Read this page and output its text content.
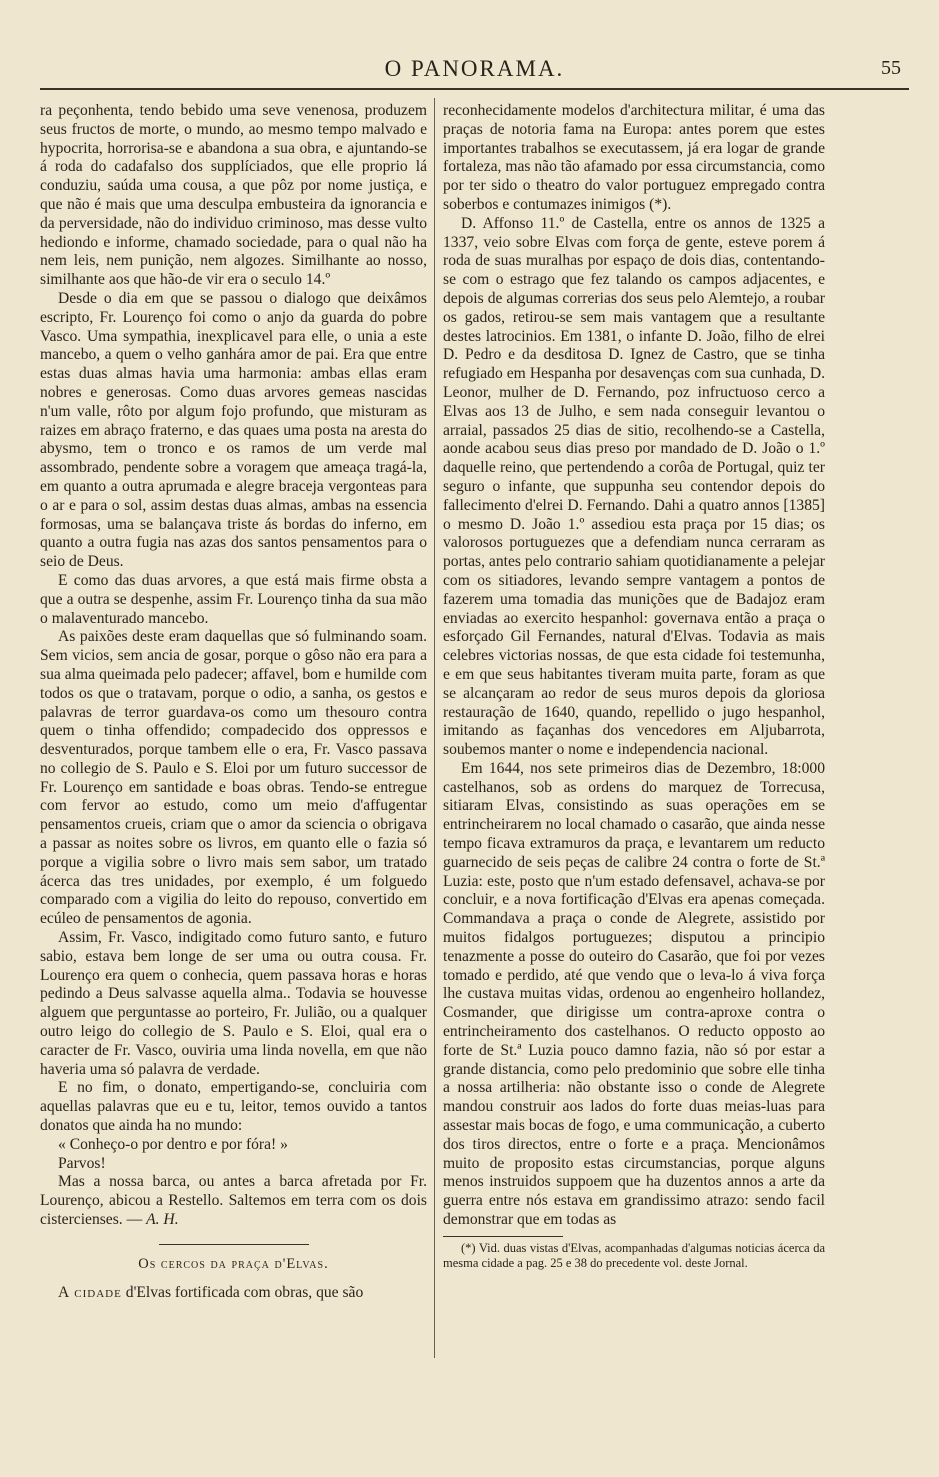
O PANORAMA.	55

ra peçonhenta, tendo bebido uma seve venenosa, produzem seus fructos de morte, o mundo, ao mesmo tempo malvado e hypocrita, horrorisa-se e abandona a sua obra, e ajuntando-se á roda do cadafalso dos supplíciados, que elle proprio lá conduziu, saúda uma cousa, a que pôz por nome justiça, e que não é mais que uma desculpa embusteira da ignorancia e da perversidade, não do individuo criminoso, mas desse vulto hediondo e informe, chamado sociedade, para o qual não ha nem leis, nem punição, nem algozes. Similhante ao nosso, similhante aos que hão-de vir era o seculo 14.º

Desde o dia em que se passou o dialogo que deixâmos escripto, Fr. Lourenço foi como o anjo da guarda do pobre Vasco. Uma sympathia, inexplicavel para elle, o unia a este mancebo, a quem o velho ganhára amor de pai. Era que entre estas duas almas havia uma harmonia: ambas ellas eram nobres e generosas. Como duas arvores gemeas nascidas n'um valle, rôto por algum fojo profundo, que misturam as raizes em abraço fraterno, e das quaes uma posta na aresta do abysmo, tem o tronco e os ramos de um verde mal assombrado, pendente sobre a voragem que ameaça tragá-la, em quanto a outra aprumada e alegre braceja vergonteas para o ar e para o sol, assim destas duas almas, ambas na essencia formosas, uma se balançava triste ás bordas do inferno, em quanto a outra fugia nas azas dos santos pensamentos para o seio de Deus.

E como das duas arvores, a que está mais firme obsta a que a outra se despenhe, assim Fr. Lourenço tinha da sua mão o malaventurado mancebo.

As paixões deste eram daquellas que só fulminando soam. Sem vicios, sem ancia de gosar, porque o gôso não era para a sua alma queimada pelo padecer; affavel, bom e humilde com todos os que o tratavam, porque o odio, a sanha, os gestos e palavras de terror guardava-os como um thesouro contra quem o tinha offendido; compadecido dos oppressos e desventurados, porque tambem elle o era, Fr. Vasco passava no collegio de S. Paulo e S. Eloi por um futuro successor de Fr. Lourenço em santidade e boas obras. Tendo-se entregue com fervor ao estudo, como um meio d'affugentar pensamentos crueis, criam que o amor da sciencia o obrigava a passar as noites sobre os livros, em quanto elle o fazia só porque a vigilia sobre o livro mais sem sabor, um tratado ácerca das tres unidades, por exemplo, é um folguedo comparado com a vigilia do leito do repouso, convertido em ecúleo de pensamentos de agonia.

Assim, Fr. Vasco, indigitado como futuro santo, e futuro sabio, estava bem longe de ser uma ou outra cousa. Fr. Lourenço era quem o conhecia, quem passava horas e horas pedindo a Deus salvasse aquella alma.. Todavia se houvesse alguem que perguntasse ao porteiro, Fr. Julião, ou a qualquer outro leigo do collegio de S. Paulo e S. Eloi, qual era o caracter de Fr. Vasco, ouviria uma linda novella, em que não haveria uma só palavra de verdade.

E no fim, o donato, empertigando-se, concluiria com aquellas palavras que eu e tu, leitor, temos ouvido a tantos donatos que ainda ha no mundo:

« Conheço-o por dentro e por fóra! »

Parvos!

Mas a nossa barca, ou antes a barca afretada por Fr. Lourenço, abicou a Restello. Saltemos em terra com os dois cistercienses. — A. H.

Os cercos da praça d'Elvas.

A cidade d'Elvas fortificada com obras, que são

reconhecidamente modelos d'architectura militar, é uma das praças de notoria fama na Europa: antes porem que estes importantes trabalhos se executassem, já era logar de grande fortaleza, mas não tão afamado por essa circumstancia, como por ter sido o theatro do valor portuguez empregado contra soberbos e contumazes inimigos (*).

D. Affonso 11.º de Castella, entre os annos de 1325 a 1337, veio sobre Elvas com força de gente, esteve porem á roda de suas muralhas por espaço de dois dias, contentando-se com o estrago que fez talando os campos adjacentes, e depois de algumas correrias dos seus pelo Alemtejo, a roubar os gados, retirou-se sem mais vantagem que a resultante destes latrocinios. Em 1381, o infante D. João, filho de elrei D. Pedro e da desditosa D. Ignez de Castro, que se tinha refugiado em Hespanha por desavenças com sua cunhada, D. Leonor, mulher de D. Fernando, poz infructuoso cerco a Elvas aos 13 de Julho, e sem nada conseguir levantou o arraial, passados 25 dias de sitio, recolhendo-se a Castella, aonde acabou seus dias preso por mandado de D. João o 1.º daquelle reino, que pertendendo a corôa de Portugal, quiz ter seguro o infante, que suppunha seu contendor depois do fallecimento d'elrei D. Fernando. Dahi a quatro annos [1385] o mesmo D. João 1.º assediou esta praça por 15 dias; os valorosos portuguezes que a defendiam nunca cerraram as portas, antes pelo contrario sahiam quotidianamente a pelejar com os sitiadores, levando sempre vantagem a pontos de fazerem uma tomadia das munições que de Badajoz eram enviadas ao exercito hespanhol: governava então a praça o esforçado Gil Fernandes, natural d'Elvas. Todavia as mais celebres victorias nossas, de que esta cidade foi testemunha, e em que seus habitantes tiveram muita parte, foram as que se alcançaram ao redor de seus muros depois da gloriosa restauração de 1640, quando, repellido o jugo hespanhol, imitando as façanhas dos vencedores em Aljubarrota, soubemos manter o nome e independencia nacional.

Em 1644, nos sete primeiros dias de Dezembro, 18:000 castelhanos, sob as ordens do marquez de Torrecusa, sitiaram Elvas, consistindo as suas operações em se entrincheirarem no local chamado o casarão, que ainda nesse tempo ficava extramuros da praça, e levantarem um reducto guarnecido de seis peças de calibre 24 contra o forte de St.ª Luzia: este, posto que n'um estado defensavel, achava-se por concluir, e a nova fortificação d'Elvas era apenas começada. Commandava a praça o conde de Alegrete, assistido por muitos fidalgos portuguezes; disputou a principio tenazmente a posse do outeiro do Casarão, que foi por vezes tomado e perdido, até que vendo que o leva-lo á viva força lhe custava muitas vidas, ordenou ao engenheiro hollandez, Cosmander, que dirigisse um contra-aproxe contra o entrincheiramento dos castelhanos. O reducto opposto ao forte de St.ª Luzia pouco damno fazia, não só por estar a grande distancia, como pelo predominio que sobre elle tinha a nossa artilheria: não obstante isso o conde de Alegrete mandou construir aos lados do forte duas meias-luas para assestar mais bocas de fogo, e uma communicação, a cuberto dos tiros directos, entre o forte e a praça. Mencionâmos muito de proposito estas circumstancias, porque alguns menos instruidos suppoem que ha duzentos annos a arte da guerra entre nós estava em grandissimo atrazo: sendo facil demonstrar que em todas as

(*) Vid. duas vistas d'Elvas, acompanhadas d'algumas noticias ácerca da mesma cidade a pag. 25 e 38 do precedente vol. deste Jornal.
